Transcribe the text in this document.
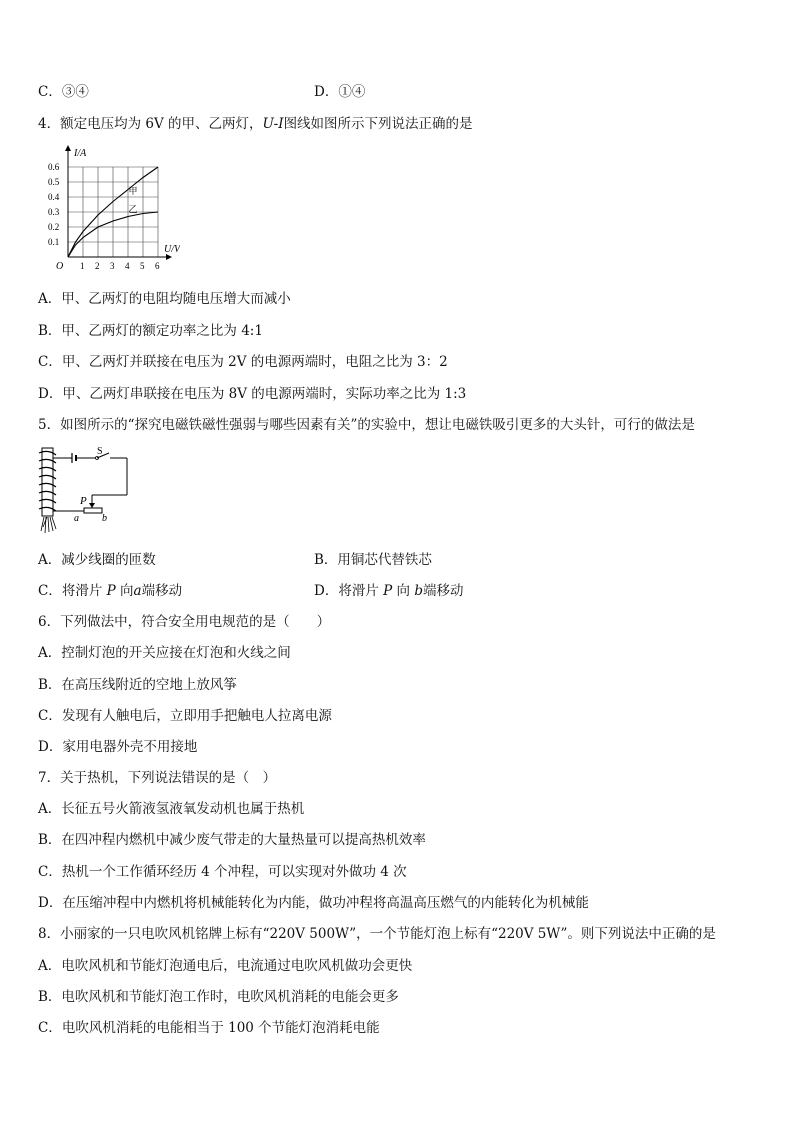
C．③④	D．①④
4．额定电压均为 6V 的甲、乙两灯，U-I图线如图所示下列说法正确的是
1 2 3 4 5 6
0.1
0.2
0.3
0.4
0.5
0.6
甲
乙
I/A
U/V
O
A．甲、乙两灯的电阻均随电压增大而减小
B．甲、乙两灯的额定功率之比为 4:1
C．甲、乙两灯并联接在电压为 2V 的电源两端时，电阻之比为 3：2
D．甲、乙两灯串联接在电压为 8V 的电源两端时，实际功率之比为 1:3
5．如图所示的“探究电磁铁磁性强弱与哪些因素有关”的实验中，想让电磁铁吸引更多的大头针，可行的做法是
S
P
a b
A．减少线圈的匝数	B．用铜芯代替铁芯
C．将滑片 P 向a端移动	D．将滑片 P 向 b端移动
6．下列做法中，符合安全用电规范的是（　　）
A．控制灯泡的开关应接在灯泡和火线之间
B．在高压线附近的空地上放风筝
C．发现有人触电后，立即用手把触电人拉离电源
D．家用电器外壳不用接地
7．关于热机，下列说法错误的是（　）
A．长征五号火箭液氢液氧发动机也属于热机
B．在四冲程内燃机中减少废气带走的大量热量可以提高热机效率
C．热机一个工作循环经历 4 个冲程，可以实现对外做功 4 次
D．在压缩冲程中内燃机将机械能转化为内能，做功冲程将高温高压燃气的内能转化为机械能
8．小丽家的一只电吹风机铭牌上标有“220V 500W”，一个节能灯泡上标有“220V 5W”。则下列说法中正确的是
A．电吹风机和节能灯泡通电后，电流通过电吹风机做功会更快
B．电吹风机和节能灯泡工作时，电吹风机消耗的电能会更多
C．电吹风机消耗的电能相当于 100 个节能灯泡消耗电能
